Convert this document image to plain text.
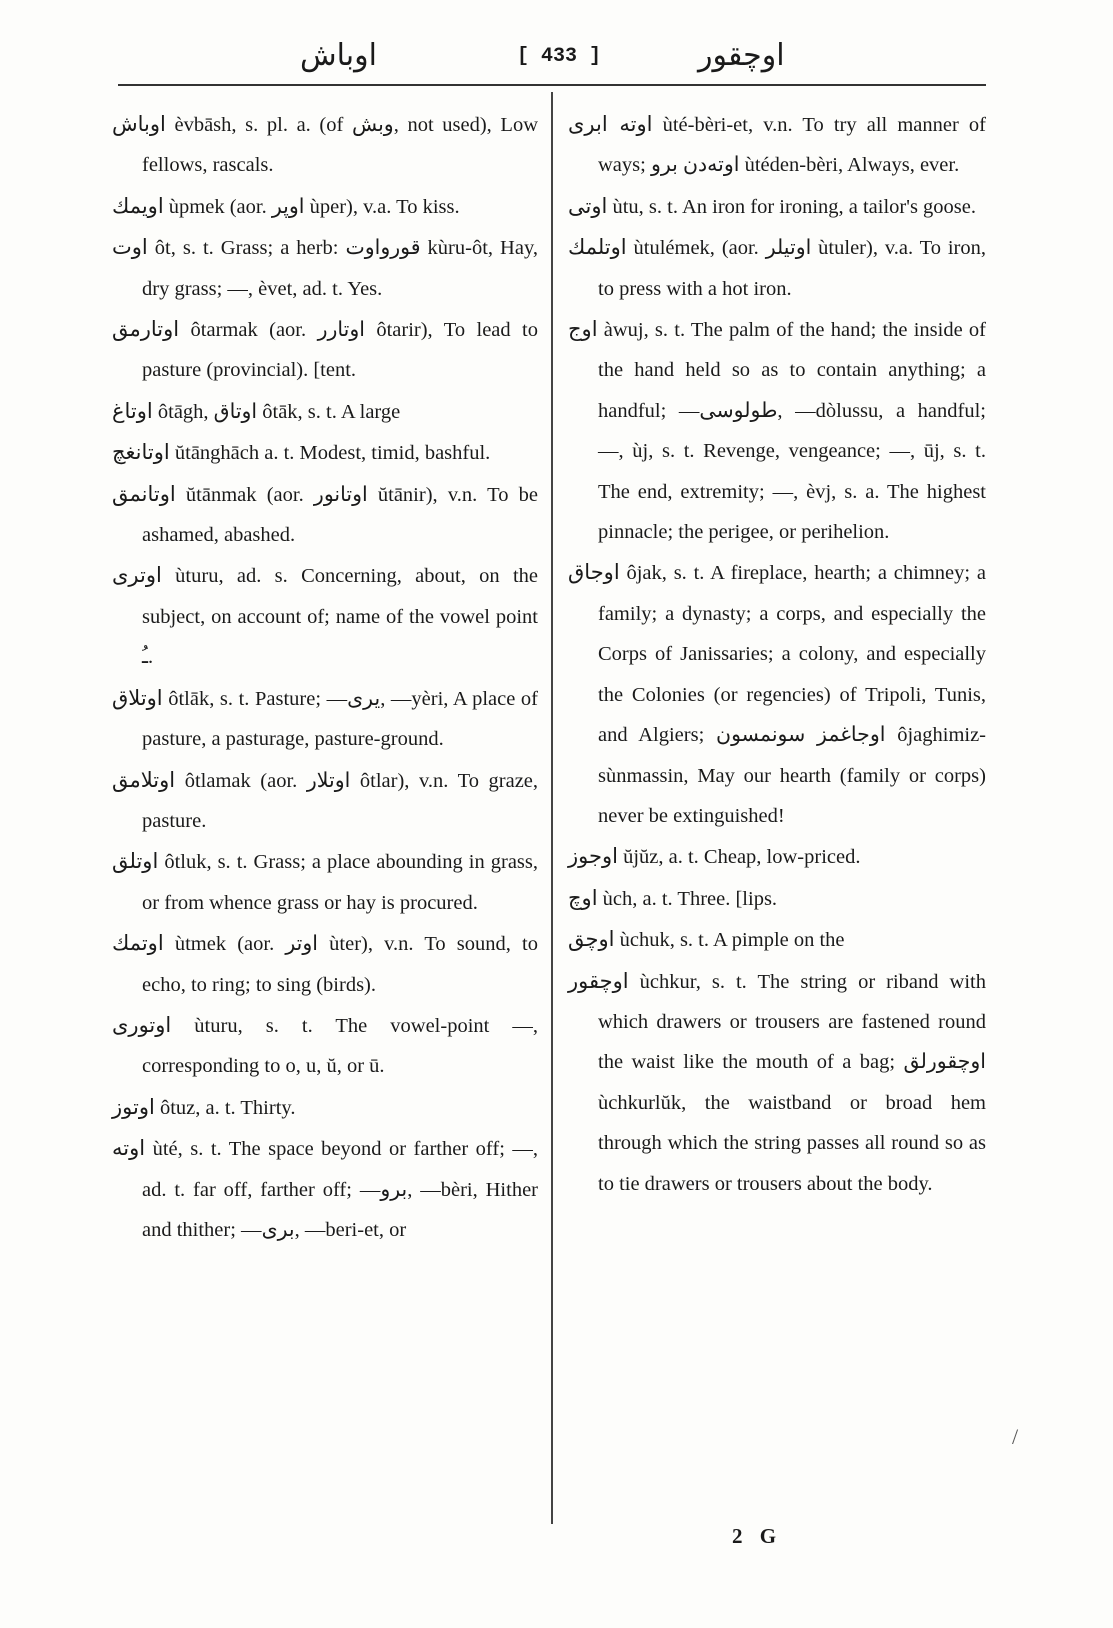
اوباش	[ 433 ]	اوچقور
اوباش èvbāsh, s. pl. a. (of وبش, not used), Low fellows, rascals.
اويمك ùpmek (aor. اوپر ùper), v.a. To kiss.
اوت ôt, s. t. Grass; a herb: قورواوت kùru-ôt, Hay, dry grass; —, èvet, ad. t. Yes.
اوتارمق ôtarmak (aor. اوتارر ôtarir), To lead to pasture (provincial). [tent.
اوتاغ ôtāgh, اوتاق ôtāk, s. t. A large
اوتانغچ ŭtānghāch a. t. Modest, timid, bashful.
اوتانمق ŭtānmak (aor. اوتانور ŭtānir), v.n. To be ashamed, abashed.
اوترى ùturu, ad. s. Concerning, about, on the subject, on account of; name of the vowel point ـُ.
اوتلاق ôtlāk, s. t. Pasture; —يرى, —yèri, A place of pasture, a pasturage, pasture-ground.
اوتلامق ôtlamak (aor. اوتلار ôtlar), v.n. To graze, pasture.
اوتلق ôtluk, s. t. Grass; a place abounding in grass, or from whence grass or hay is procured.
اوتمك ùtmek (aor. اوتر ùter), v.n. To sound, to echo, to ring; to sing (birds).
اوتورى ùturu, s. t. The vowel-point —, corresponding to o, u, ŭ, or ū.
اوتوز ôtuz, a. t. Thirty.
اوته ùté, s. t. The space beyond or farther off; —, ad. t. far off, farther off; —برو, —bèri, Hither and thither; —برى, —beri-et, or
اوته ابرى ùté-bèri-et, v.n. To try all manner of ways; اوتەدن برو ùtéden-bèri, Always, ever.
اوتى ùtu, s. t. An iron for ironing, a tailor's goose.
اوتلمك ùtulémek, (aor. اوتيلر ùtuler), v.a. To iron, to press with a hot iron.
اوج àwuj, s. t. The palm of the hand; the inside of the hand held so as to contain anything; a handful; —طولوسى, —dòlussu, a handful; —, ùj, s. t. Revenge, vengeance; —, ūj, s. t. The end, extremity; —, èvj, s. a. The highest pinnacle; the perigee, or perihelion.
اوجاق ôjak, s. t. A fireplace, hearth; a chimney; a family; a dynasty; a corps, and especially the Corps of Janissaries; a colony, and especially the Colonies (or regencies) of Tripoli, Tunis, and Algiers; اوجاغمز سونمسون ôjaghimiz-sùnmassin, May our hearth (family or corps) never be extinguished!
اوجوز ŭjŭz, a. t. Cheap, low-priced.
اوچ ùch, a. t. Three. [lips.
اوچق ùchuk, s. t. A pimple on the
اوچقور ùchkur, s. t. The string or riband with which drawers or trousers are fastened round the waist like the mouth of a bag; اوچقورلق ùchkurlŭk, the waistband or broad hem through which the string passes all round so as to tie drawers or trousers about the body.
2 G
/
